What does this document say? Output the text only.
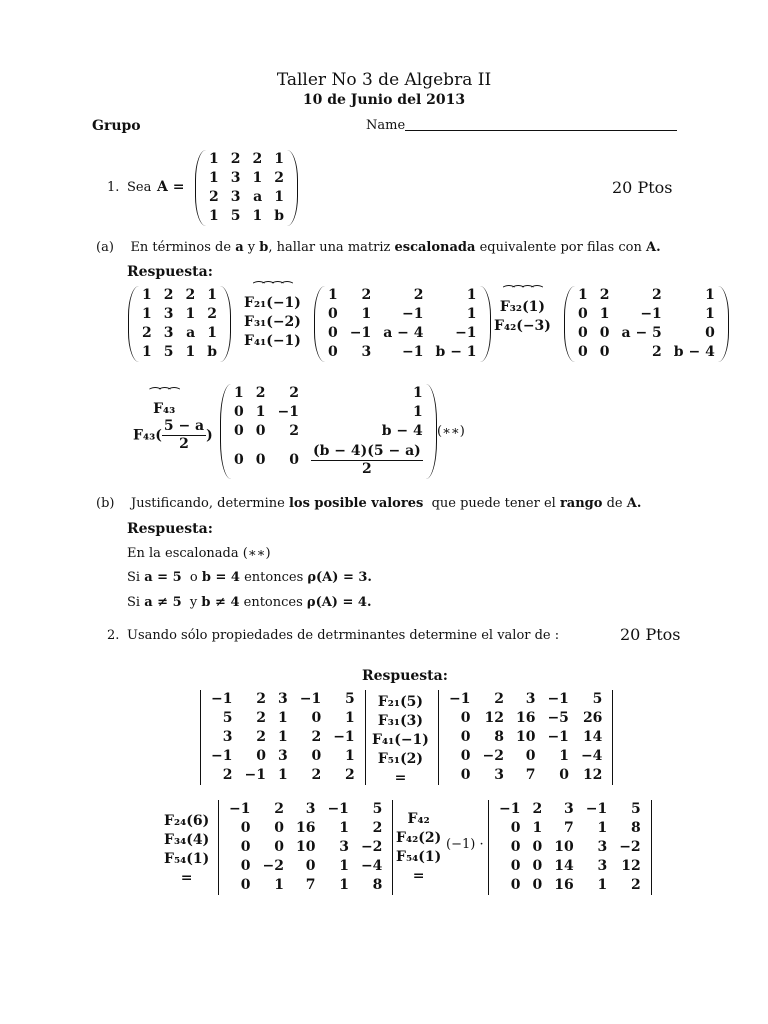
Taller No 3 de Algebra II
10 de Junio del 2013
Grupo	Name
1. Sea A =
1	2	2	1
1	3	1	2
2	3	a	1
1	5	1	b
20 Ptos
(a) En términos de a y b, hallar una matriz escalonada equivalente por filas con A.
Respuesta:
1	2	2	1
1	3	1	2
2	3	a	1
1	5	1	b
⁀⁀⁀⁀
F₂₁(−1)
F₃₁(−2)
F₄₁(−1)
1	2	2	1
0	1	−1	1
0	−1	a − 4	−1
0	3	−1	b − 1
⁀⁀⁀⁀
F₃₂(1)
F₄₂(−3)
1	2	2	1
0	1	−1	1
0	0	a − 5	0
0	0	2	b − 4
⁀⁀⁀
F₄₃
$F_{43}( \frac{5 - a}{2}$ )
1	2	2	1
0	1	−1	1
0	0	2	b − 4
0	0	0	$\frac{(b - 4)(5 - a)}{2}$
(∗∗)
(b) Justificando, determine los posible valores que puede tener el rango de A.
Respuesta:
En la escalonada (∗∗)
Si a = 5 o b = 4 entonces ρ(A) = 3.
Si a ≠ 5 y b ≠ 4 entonces ρ(A) = 4.
2. Usando sólo propiedades de detrminantes determine el valor de :	20 Ptos
Respuesta:
−1	2	3	−1	5
5	2	1	0	1
3	2	1	2	−1
−1	0	3	0	1
2	−1	1	2	2
F₂₁(5)
F₃₁(3)
F₄₁(−1)
F₅₁(2)
=
−1	2	3	−1	5
0	12	16	−5	26
0	8	10	−1	14
0	−2	0	1	−4
0	3	7	0	12
F₂₄(6)
F₃₄(4)
F₅₄(1)
=
−1	2	3	−1	5
0	0	16	1	2
0	0	10	3	−2
0	−2	0	1	−4
0	1	7	1	8
F₄₂
F₄₂(2)
F₅₄(1)
=
(−1) ·
−1	2	3	−1	5
0	1	7	1	8
0	0	10	3	−2
0	0	14	3	12
0	0	16	1	2
